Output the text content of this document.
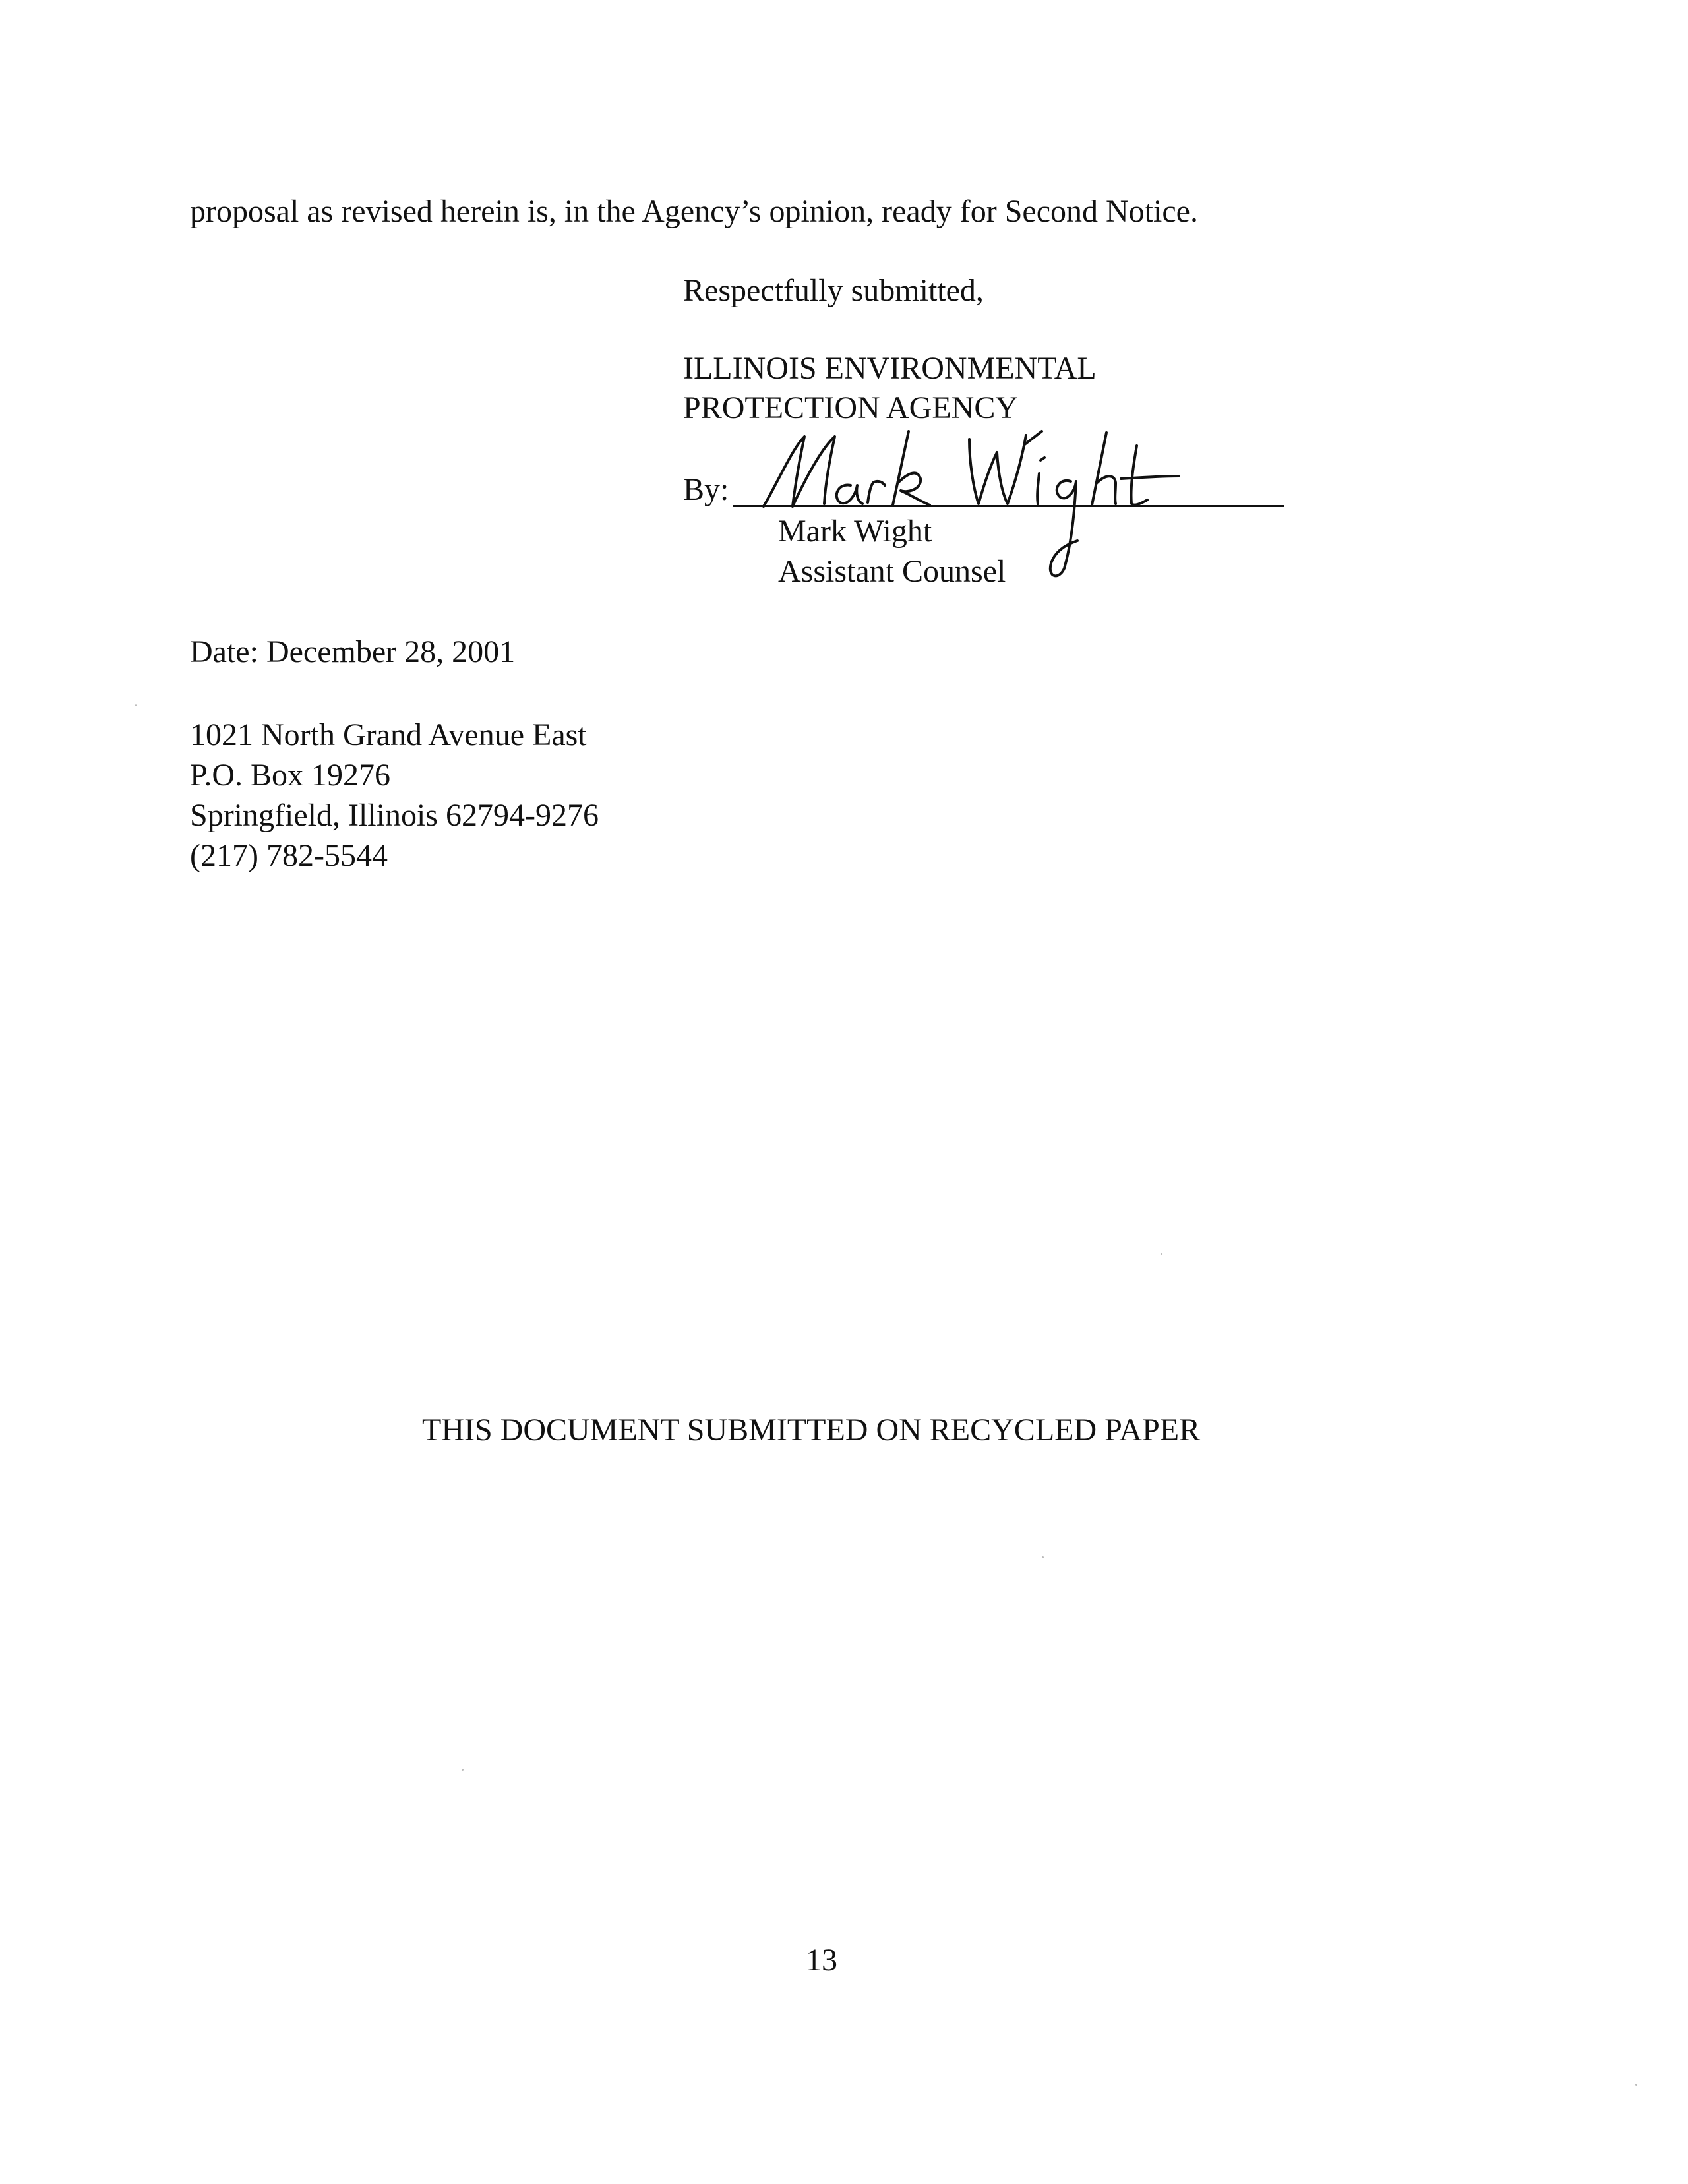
proposal as revised herein is, in the Agency’s opinion, ready for Second Notice.
Respectfully submitted,
ILLINOIS ENVIRONMENTAL
PROTECTION AGENCY
By:
Mark Wight
Assistant Counsel
Date: December 28, 2001
1021 North Grand Avenue East
P.O. Box 19276
Springfield, Illinois 62794-9276
(217) 782-5544
THIS DOCUMENT SUBMITTED ON RECYCLED PAPER
13
